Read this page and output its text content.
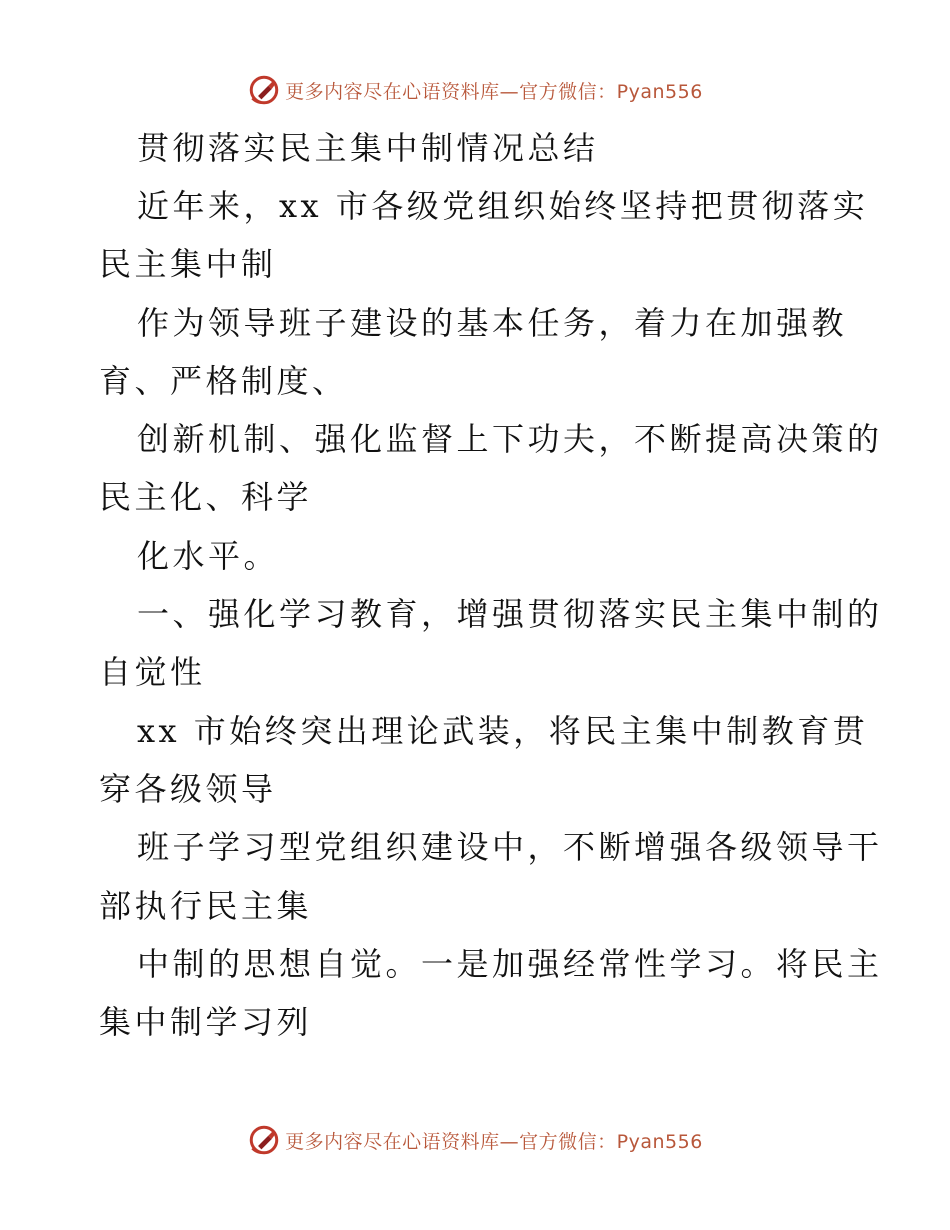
更多内容尽在心语资料库—官方微信：Pyan556
贯彻落实民主集中制情况总结
近年来，xx 市各级党组织始终坚持把贯彻落实
民主集中制
作为领导班子建设的基本任务，着力在加强教
育、严格制度、
创新机制、强化监督上下功夫，不断提高决策的
民主化、科学
化水平。
一、强化学习教育，增强贯彻落实民主集中制的
自觉性
xx 市始终突出理论武装，将民主集中制教育贯
穿各级领导
班子学习型党组织建设中，不断增强各级领导干
部执行民主集
中制的思想自觉。一是加强经常性学习。将民主
集中制学习列
更多内容尽在心语资料库—官方微信：Pyan556
